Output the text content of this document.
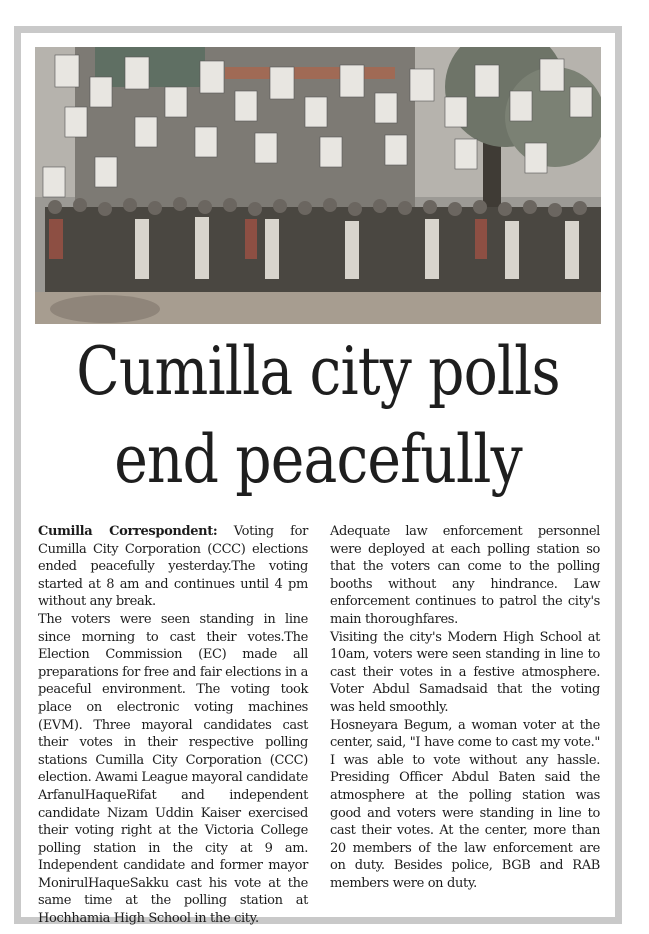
Cumilla city polls
end peacefully

Cumilla Correspondent: Voting for Cumilla City Corporation (CCC) elections ended peacefully yesterday.The voting started at 8 am and continues until 4 pm without any break.

The voters were seen standing in line since morning to cast their votes.The Election Commission (EC) made all preparations for free and fair elections in a peaceful environment. The voting took place on electronic voting machines (EVM). Three mayoral candidates cast their votes in their respective polling stations Cumilla City Corporation (CCC) election. Awami League mayoral candidate ArfanulHaqueRifat and independent candidate Nizam Uddin Kaiser exercised their voting right at the Victoria College polling station in the city at 9 am. Independent candidate and former mayor MonirulHaqueSakku cast his vote at the same time at the polling station at Hochhamia High School in the city.

Adequate law enforcement personnel were deployed at each polling station so that the voters can come to the polling booths without any hindrance. Law enforcement continues to patrol the city's main thoroughfares.

Visiting the city's Modern High School at 10am, voters were seen standing in line to cast their votes in a festive atmosphere. Voter Abdul Samadsaid that the voting was held smoothly.

Hosneyara Begum, a woman voter at the center, said, "I have come to cast my vote." I was able to vote without any hassle. Presiding Officer Abdul Baten said the atmosphere at the polling station was good and voters were standing in line to cast their votes. At the center, more than 20 members of the law enforcement are on duty. Besides police, BGB and RAB members were on duty.
